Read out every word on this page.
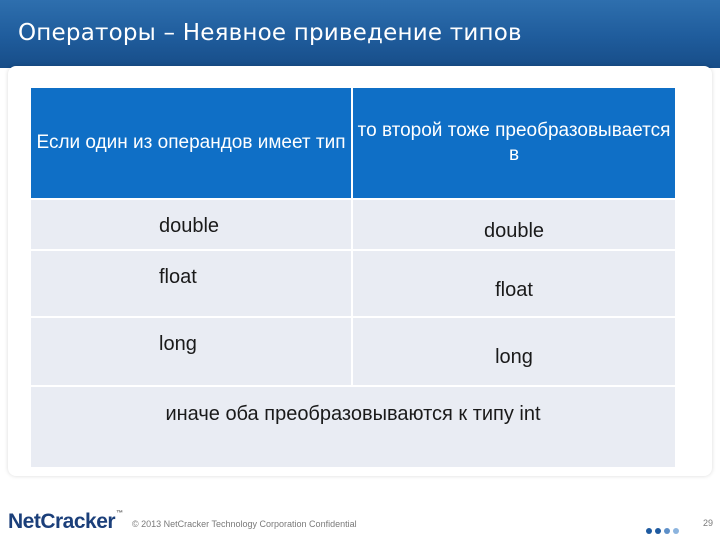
Операторы – Неявное приведение типов
Если один из операндов имеет тип	то второй тоже преобразовывается в

double	double

float	float

long	long

иначе оба преобразовываются к типу int	
NetCracker™
© 2013 NetCracker Technology Corporation Confidential	29
